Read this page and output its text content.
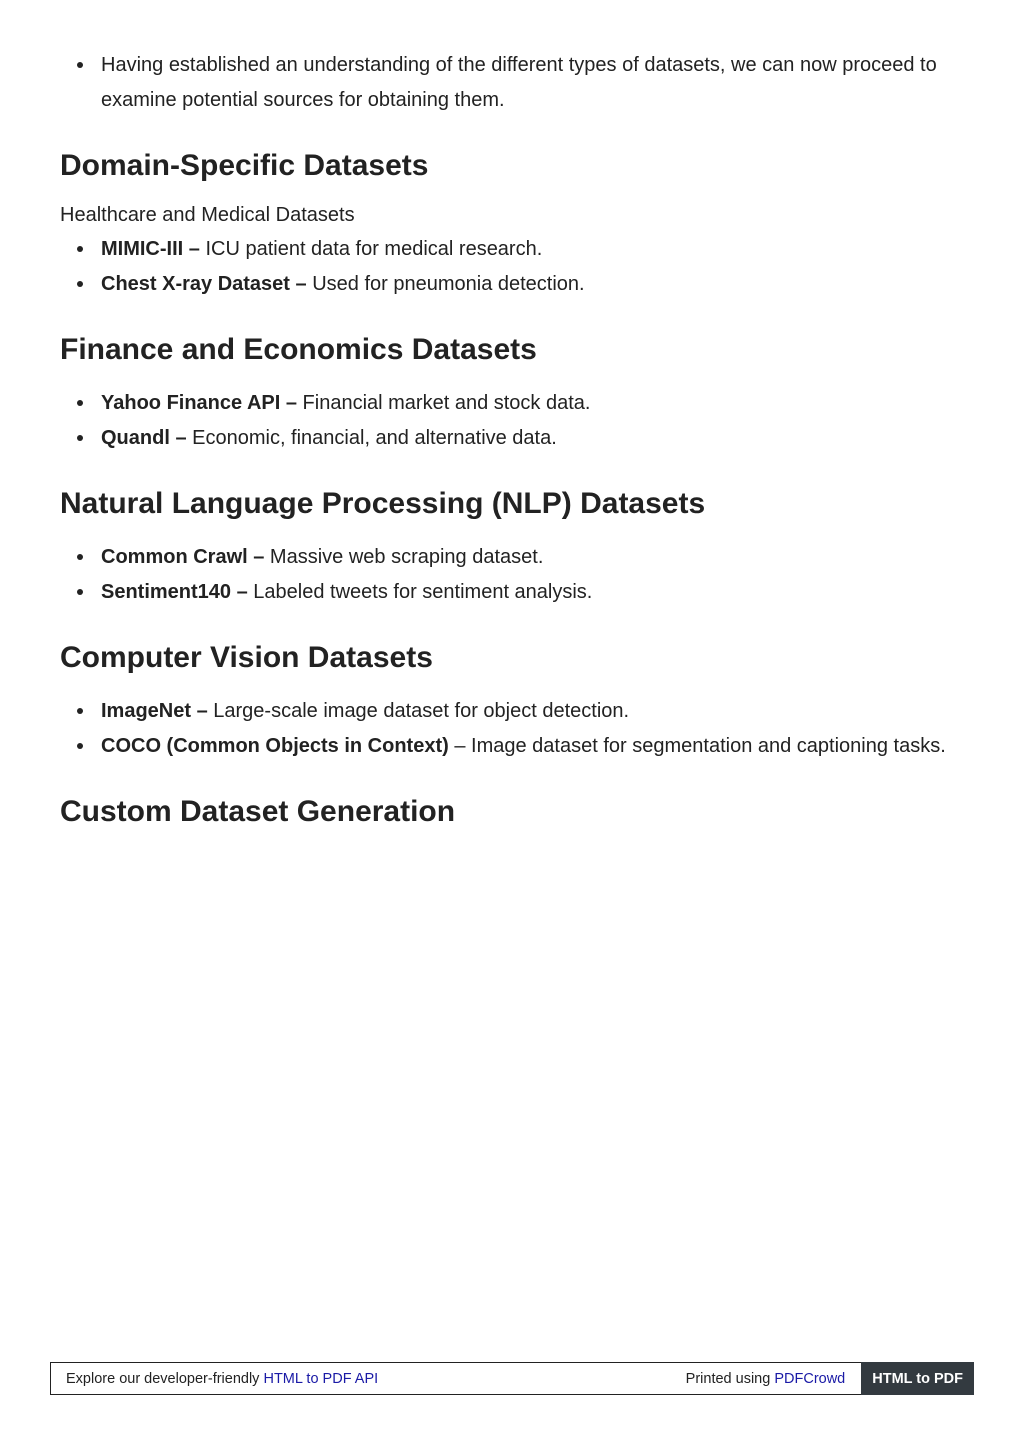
Having established an understanding of the different types of datasets, we can now proceed to examine potential sources for obtaining them.
Domain-Specific Datasets

Healthcare and Medical Datasets

MIMIC-III – ICU patient data for medical research.
Chest X-ray Dataset – Used for pneumonia detection.
Finance and Economics Datasets
Yahoo Finance API – Financial market and stock data.
Quandl – Economic, financial, and alternative data.
Natural Language Processing (NLP) Datasets
Common Crawl – Massive web scraping dataset.
Sentiment140 – Labeled tweets for sentiment analysis.
Computer Vision Datasets
ImageNet – Large-scale image dataset for object detection.
COCO (Common Objects in Context) – Image dataset for segmentation and captioning tasks.
Custom Dataset Generation
Explore our developer-friendly HTML to PDF API	Printed using PDFCrowd	HTML to PDF
